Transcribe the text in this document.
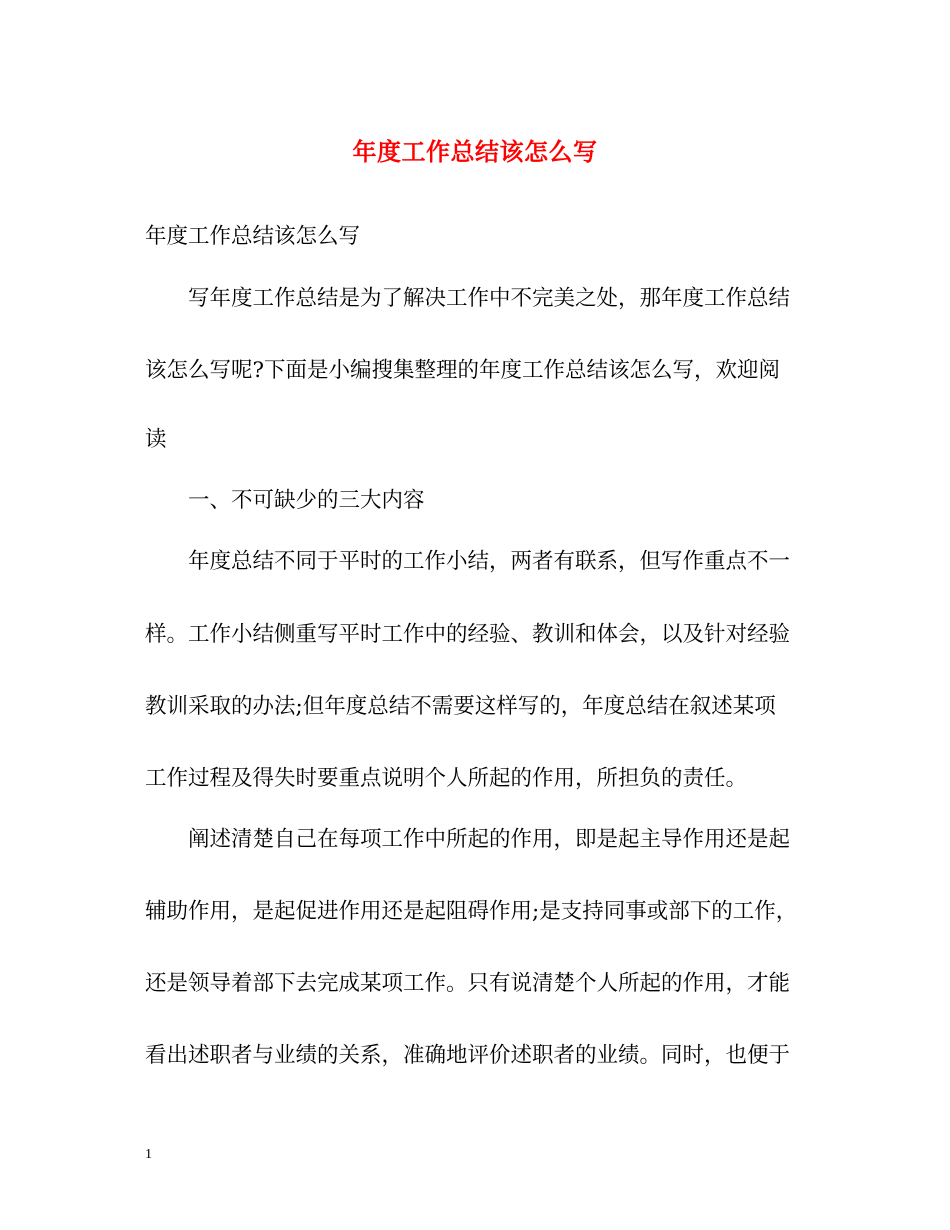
年度工作总结该怎么写
年度工作总结该怎么写
　　写年度工作总结是为了解决工作中不完美之处，那年度工作总结
该怎么写呢?下面是小编搜集整理的年度工作总结该怎么写，欢迎阅
读
　　一、不可缺少的三大内容
　　年度总结不同于平时的工作小结，两者有联系，但写作重点不一
样。工作小结侧重写平时工作中的经验、教训和体会，以及针对经验
教训采取的办法;但年度总结不需要这样写的，年度总结在叙述某项
工作过程及得失时要重点说明个人所起的作用，所担负的责任。
　　阐述清楚自己在每项工作中所起的作用，即是起主导作用还是起
辅助作用，是起促进作用还是起阻碍作用;是支持同事或部下的工作，
还是领导着部下去完成某项工作。只有说清楚个人所起的作用，才能
看出述职者与业绩的关系，准确地评价述职者的业绩。同时，也便于
1
